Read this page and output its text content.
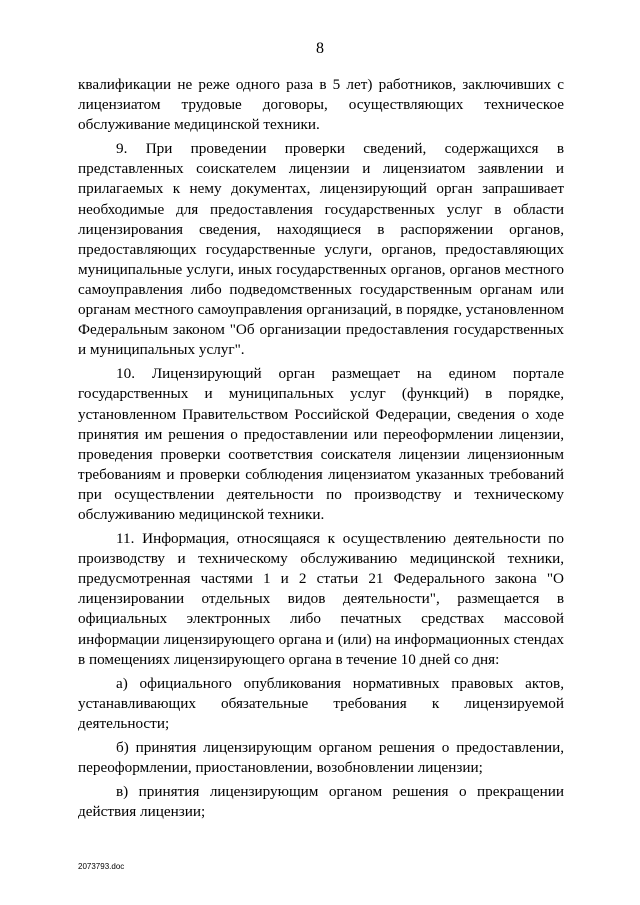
8

квалификации не реже одного раза в 5 лет) работников, заключивших с лицензиатом трудовые договоры, осуществляющих техническое обслуживание медицинской техники.

9. При проведении проверки сведений, содержащихся в представленных соискателем лицензии и лицензиатом заявлении и прилагаемых к нему документах, лицензирующий орган запрашивает необходимые для предоставления государственных услуг в области лицензирования сведения, находящиеся в распоряжении органов, предоставляющих государственные услуги, органов, предоставляющих муниципальные услуги, иных государственных органов, органов местного самоуправления либо подведомственных государственным органам или органам местного самоуправления организаций, в порядке, установленном Федеральным законом "Об организации предоставления государственных и муниципальных услуг".

10. Лицензирующий орган размещает на едином портале государственных и муниципальных услуг (функций) в порядке, установленном Правительством Российской Федерации, сведения о ходе принятия им решения о предоставлении или переоформлении лицензии, проведения проверки соответствия соискателя лицензии лицензионным требованиям и проверки соблюдения лицензиатом указанных требований при осуществлении деятельности по производству и техническому обслуживанию медицинской техники.

11. Информация, относящаяся к осуществлению деятельности по производству и техническому обслуживанию медицинской техники, предусмотренная частями 1 и 2 статьи 21 Федерального закона "О лицензировании отдельных видов деятельности", размещается в официальных электронных либо печатных средствах массовой информации лицензирующего органа и (или) на информационных стендах в помещениях лицензирующего органа в течение 10 дней со дня:

а) официального опубликования нормативных правовых актов, устанавливающих обязательные требования к лицензируемой деятельности;

б) принятия лицензирующим органом решения о предоставлении, переоформлении, приостановлении, возобновлении лицензии;

в) принятия лицензирующим органом решения о прекращении действия лицензии;

2073793.doc
